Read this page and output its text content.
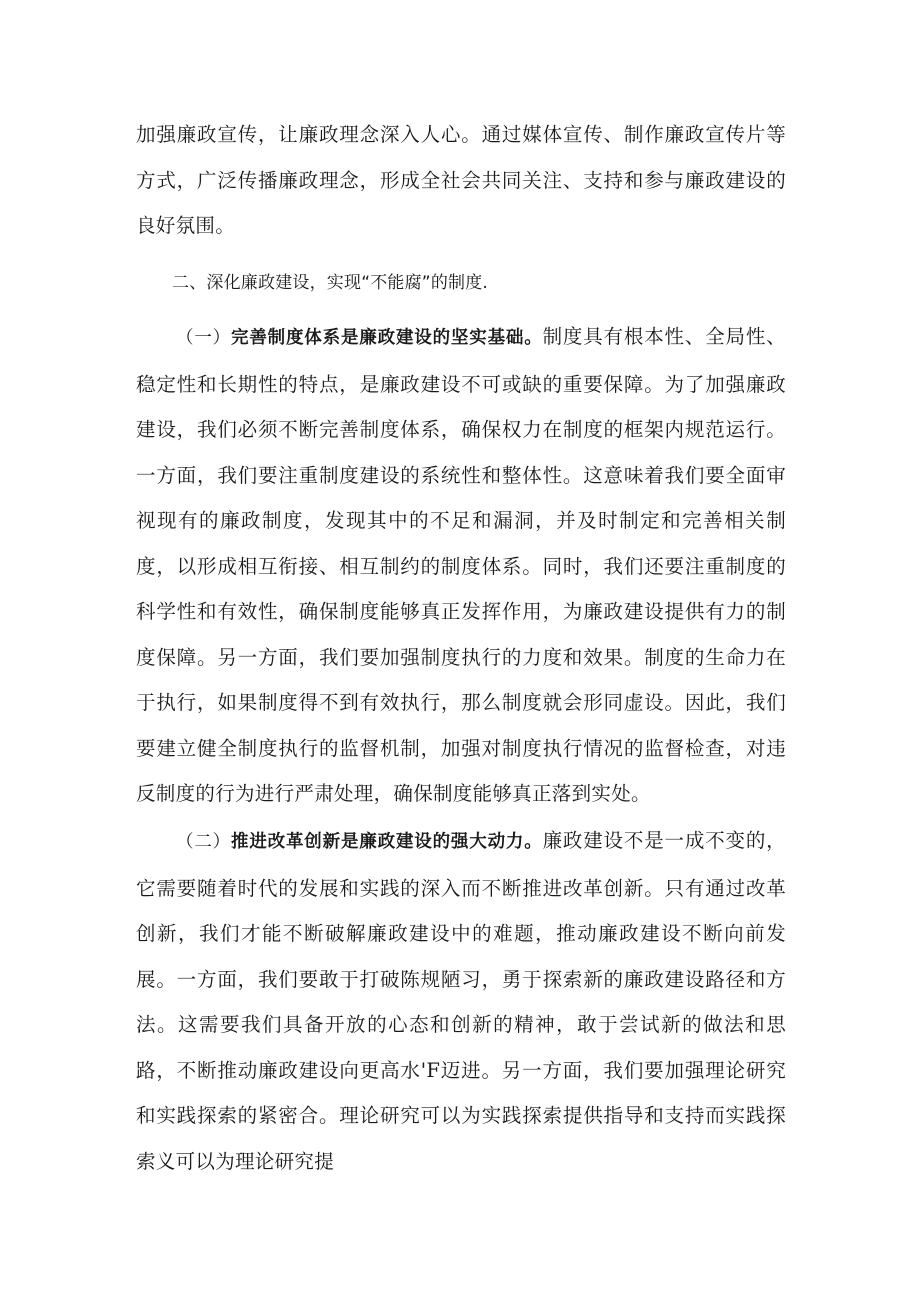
加强廉政宣传，让廉政理念深入人心。通过媒体宣传、制作廉政宣传片等方式，广泛传播廉政理念，形成全社会共同关注、支持和参与廉政建设的良好氛围。

二、深化廉政建设，实现“不能腐”的制度.

（一）完善制度体系是廉政建设的坚实基础。制度具有根本性、全局性、稳定性和长期性的特点，是廉政建设不可或缺的重要保障。为了加强廉政建设，我们必须不断完善制度体系，确保权力在制度的框架内规范运行。一方面，我们要注重制度建设的系统性和整体性。这意味着我们要全面审视现有的廉政制度，发现其中的不足和漏洞，并及时制定和完善相关制度，以形成相互衔接、相互制约的制度体系。同时，我们还要注重制度的科学性和有效性，确保制度能够真正发挥作用，为廉政建设提供有力的制度保障。另一方面，我们要加强制度执行的力度和效果。制度的生命力在于执行，如果制度得不到有效执行，那么制度就会形同虚设。因此，我们要建立健全制度执行的监督机制，加强对制度执行情况的监督检查，对违反制度的行为进行严肃处理，确保制度能够真正落到实处。

（二）推进改革创新是廉政建设的强大动力。廉政建设不是一成不变的，它需要随着时代的发展和实践的深入而不断推进改革创新。只有通过改革创新，我们才能不断破解廉政建设中的难题，推动廉政建设不断向前发展。一方面，我们要敢于打破陈规陋习，勇于探索新的廉政建设路径和方法。这需要我们具备开放的心态和创新的精神，敢于尝试新的做法和思路，不断推动廉政建设向更高水'F迈进。另一方面，我们要加强理论研究和实践探索的紧密合。理论研究可以为实践探索提供指导和支持而实践探索义可以为理论研究提
